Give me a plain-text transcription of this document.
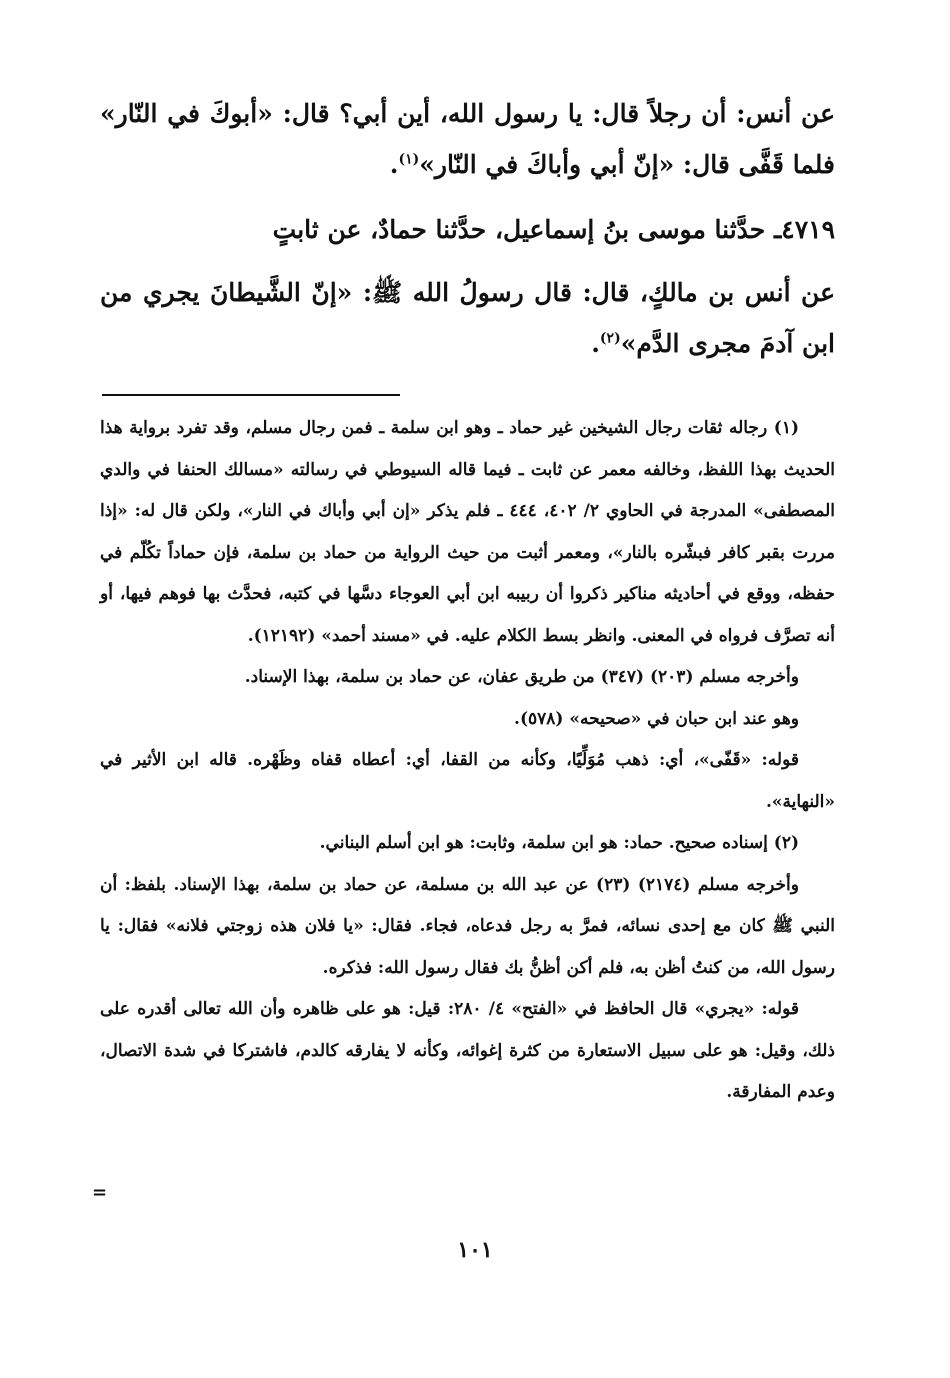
عن أنس: أن رجلاً قال: يا رسول الله، أين أبي؟ قال: «أبوكَ في النّار» فلما قَفَّى قال: «إنّ أبي وأباكَ في النّار»$^{(١)}$.

٤٧١٩ـ حدَّثنا موسى بنُ إسماعيل، حدَّثنا حمادٌ، عن ثابتٍ

عن أنس بن مالكٍ، قال: قال رسولُ الله ﷺ: «إنّ الشَّيطانَ يجري من ابن آدمَ مجرى الدَّم»$^{(٢)}$.

(١) رجاله ثقات رجال الشيخين غير حماد ـ وهو ابن سلمة ـ فمن رجال مسلم، وقد تفرد برواية هذا الحديث بهذا اللفظ، وخالفه معمر عن ثابت ـ فيما قاله السيوطي في رسالته «مسالك الحنفا في والدي المصطفى» المدرجة في الحاوي ٢/ ٤٠٢، ٤٤٤ ـ فلم يذكر «إن أبي وأباك في النار»، ولكن قال له: «إذا مررت بقبر كافر فبشّره بالنار»، ومعمر أثبت من حيث الرواية من حماد بن سلمة، فإن حماداً تكُلّم في حفظه، ووقع في أحاديثه مناكير ذكروا أن ربيبه ابن أبي العوجاء دسَّها في كتبه، فحدَّث بها فوهم فيها، أو أنه تصرَّف فرواه في المعنى. وانظر بسط الكلام عليه. في «مسند أحمد» (١٢١٩٢).

وأخرجه مسلم (٢٠٣) (٣٤٧) من طريق عفان، عن حماد بن سلمة، بهذا الإسناد.

وهو عند ابن حبان في «صحيحه» (٥٧٨).

قوله: «قَفّى»، أي: ذهب مُوَلِّيًا، وكأنه من القفا، أي: أعطاه قفاه وظَهْره. قاله ابن الأثير في «النهاية».

(٢) إسناده صحيح. حماد: هو ابن سلمة، وثابت: هو ابن أسلم البناني.

وأخرجه مسلم (٢١٧٤) (٢٣) عن عبد الله بن مسلمة، عن حماد بن سلمة، بهذا الإسناد. بلفظ: أن النبي ﷺ كان مع إحدى نسائه، فمرَّ به رجل فدعاه، فجاء. فقال: «يا فلان هذه زوجتي فلانه» فقال: يا رسول الله، من كنتُ أظن به، فلم أكن أظنُّ بك فقال رسول الله: فذكره.

قوله: «يجري» قال الحافظ في «الفتح» ٤/ ٢٨٠: قيل: هو على ظاهره وأن الله تعالى أقدره على ذلك، وقيل: هو على سبيل الاستعارة من كثرة إغوائه، وكأنه لا يفارقه كالدم، فاشتركا في شدة الاتصال، وعدم المفارقة.

=
١٠١
